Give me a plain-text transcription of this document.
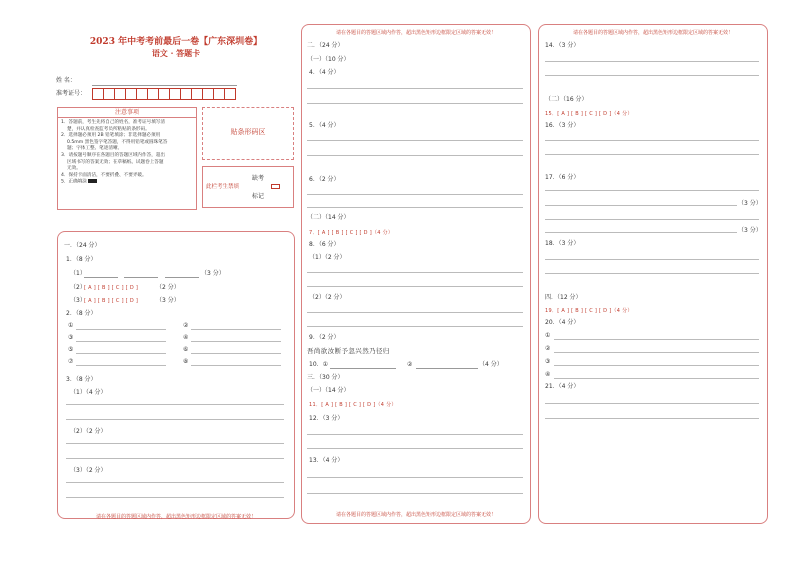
2023 年中考考前最后一卷【广东深圳卷】
语文 · 答题卡
姓 名：
准考证号：
注意事项
1．答题前，考生先将自己的姓名，准考证号填写清
楚，并认真检查监考员所粘贴的条形码。
2．选择题必须用 2B 铅笔填涂；非选择题必须用
0.5mm 黑色签字笔答题，不得用铅笔或圆珠笔答
题；字体工整、笔迹清晰。
3．请按题号顺序在各题目的答题区域内作答，超出
区域书写的答案无效；在草稿纸、试题卷上答题
无效。
4．保持卡面清洁，不要折叠、不要弄破。
5．正确填涂
贴条形码区
此栏考生禁填
缺考
标记
请在各题目的答题区域内作答，超出黑色矩形边框限定区域的答案无效！
一．（24 分）
1．（8 分）
（1）	（3 分）
（2）
[ A ] [ B ] [ C ] [ D ]	（2 分）
（3）
[ A ] [ B ] [ C ] [ D ]	（3 分）
2．（8 分）
①	②
③	④
⑤	⑥
⑦	⑧
3．（8 分）
（1）（4 分）
（2）（2 分）
（3）（2 分）
请在各题目的答题区域内作答，超出黑色矩形边框限定区域的答案无效！
请在各题目的答题区域内作答，超出黑色矩形边框限定区域的答案无效！
二．（24 分）
（一）（10 分）
4．（4 分）
5．（4 分）
6．（2 分）
（二）（14 分）
7．[ A ] [ B ] [ C ] [ D ]（4 分）
8．（6 分）
（1）（2 分）
（2）（2 分）
9．（2 分）
吾尚欲汝断予忽兴然乃径归
10．①	②	（4 分）
三．（30 分）
（一）（14 分）
11．[ A ] [ B ] [ C ] [ D ]（4 分）
12．（3 分）
13．（4 分）
请在各题目的答题区域内作答，超出黑色矩形边框限定区域的答案无效！
14．（3 分）
（二）（16 分）
15．[ A ] [ B ] [ C ] [ D ]（4 分）
16．（3 分）
17．（6 分）
（3 分）
（3 分）
18．（3 分）
四．（12 分）
19．[ A ] [ B ] [ C ] [ D ]（4 分）
20．（4 分）
①
②
③
④
21．（4 分）
